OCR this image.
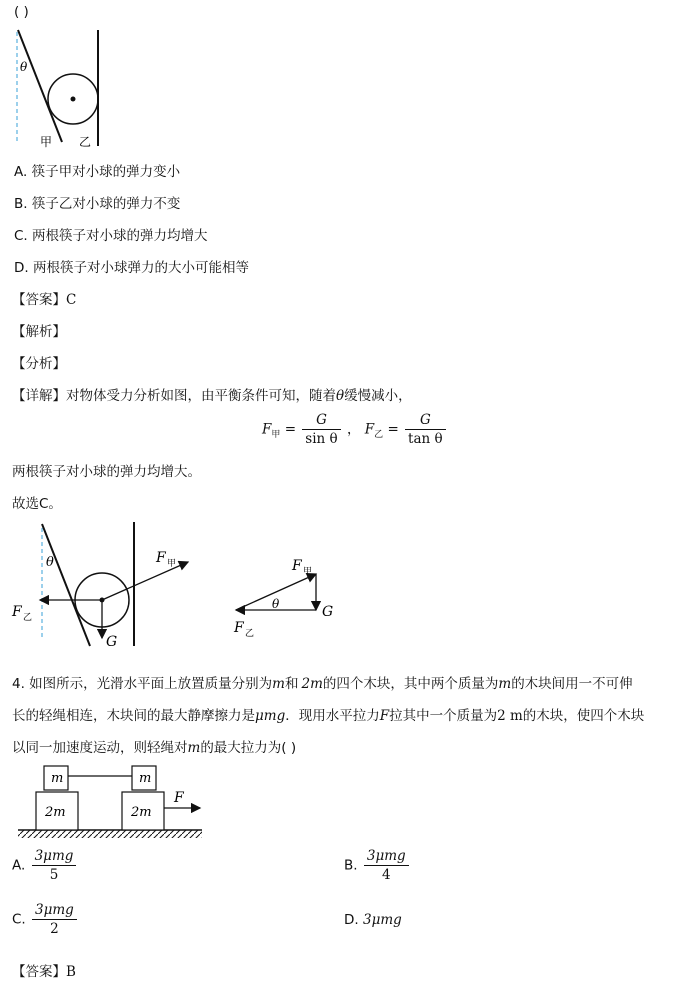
( )
θ
甲 乙
A. 筷子甲对小球的弹力变小
B. 筷子乙对小球的弹力不变
C. 两根筷子对小球的弹力均增大
D. 两根筷子对小球弹力的大小可能相等
【答案】C
【解析】
【分析】
【详解】对物体受力分析如图，由平衡条件可知，随着θ缓慢减小，
$F_甲 = \frac{G}{\text{sin θ}}$ ， $F_乙 = \frac{G}{\text{tan θ}}$
两根筷子对小球的弹力均增大。
故选C。
θ	F 甲
F 乙
G
θ
F 甲
G
F 乙
4. 如图所示，光滑水平面上放置质量分别为m和 2m的四个木块，其中两个质量为m的木块间用一不可伸
长的轻绳相连，木块间的最大静摩擦力是μmg．现用水平拉力F拉其中一个质量为2 m的木块，使四个木块
以同一加速度运动，则轻绳对m的最大拉力为( )
m	m
2m	2m
F
A. $\frac{\text{3μmg}}{5}$	B. $\frac{\text{3μmg}}{4}$
C. $\frac{\text{3μmg}}{2}$	D. 3μmg
【答案】B
